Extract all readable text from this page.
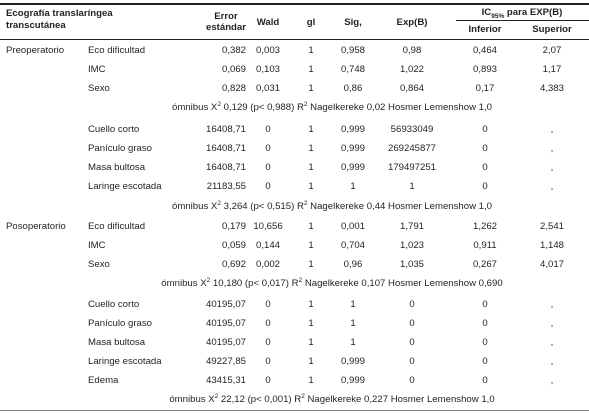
Ecografía translaríngea
transcutánea
Error
estándar Wald	gl	Sig,	Exp(B)
$IC_{95\%}$ para EXP(B)
Inferior	Superior
Preoperatorio Eco dificultad	0,382 0,003	1	0,958	0,98	0,464	2,07
IMC	0,069 0,103	1	0,748	1,022	0,893	1,17
Sexo	0,828 0,031	1	0,86	0,864	0,17	4,383
Cuello corto	16408,71 0	1	0,999	56933049	0	,
Panículo graso	16408,71 0	1	0,999 269245877	0	,
Masa bultosa	16408,71 0	1	0,999 179497251	0	,
Laringe escotada	21183,55 0	1	1	1	0	,
Posoperatorio Eco dificultad	0,179 10,656	1	0,001	1,791	1,262	2,541
IMC	0,059 0,144	1	0,704	1,023	0,911	1,148
Sexo	0,692 0,002	1	0,96	1,035	0,267	4,017
Cuello corto	40195,07 0	1	1	0	0	,
Panículo graso	40195,07 0	1	1	0	0	,
Masa bultosa	40195,07 0	1	1	0	0	,
Laringe escotada	49227,85 0	1	0,999	0	0	,
Edema	43415,31 0	1	0,999	0	0	,
ómnibus $X^2$ 0,129 (p< 0,988) $R^2$ Nagelkereke 0,02 Hosmer Lemenshow 1,0
ómnibus $X^2$ 3,264 (p< 0,515) $R^2$ Nagelkereke 0,44 Hosmer Lemenshow 1,0
ómnibus $X^2$ 10,180 (p< 0,017) $R^2$ Nagelkereke 0,107 Hosmer Lemenshow 0,690
ómnibus $X^2$ 22,12 (p< 0,001) $R^2$ Nagelkereke 0,227 Hosmer Lemenshow 1,0
